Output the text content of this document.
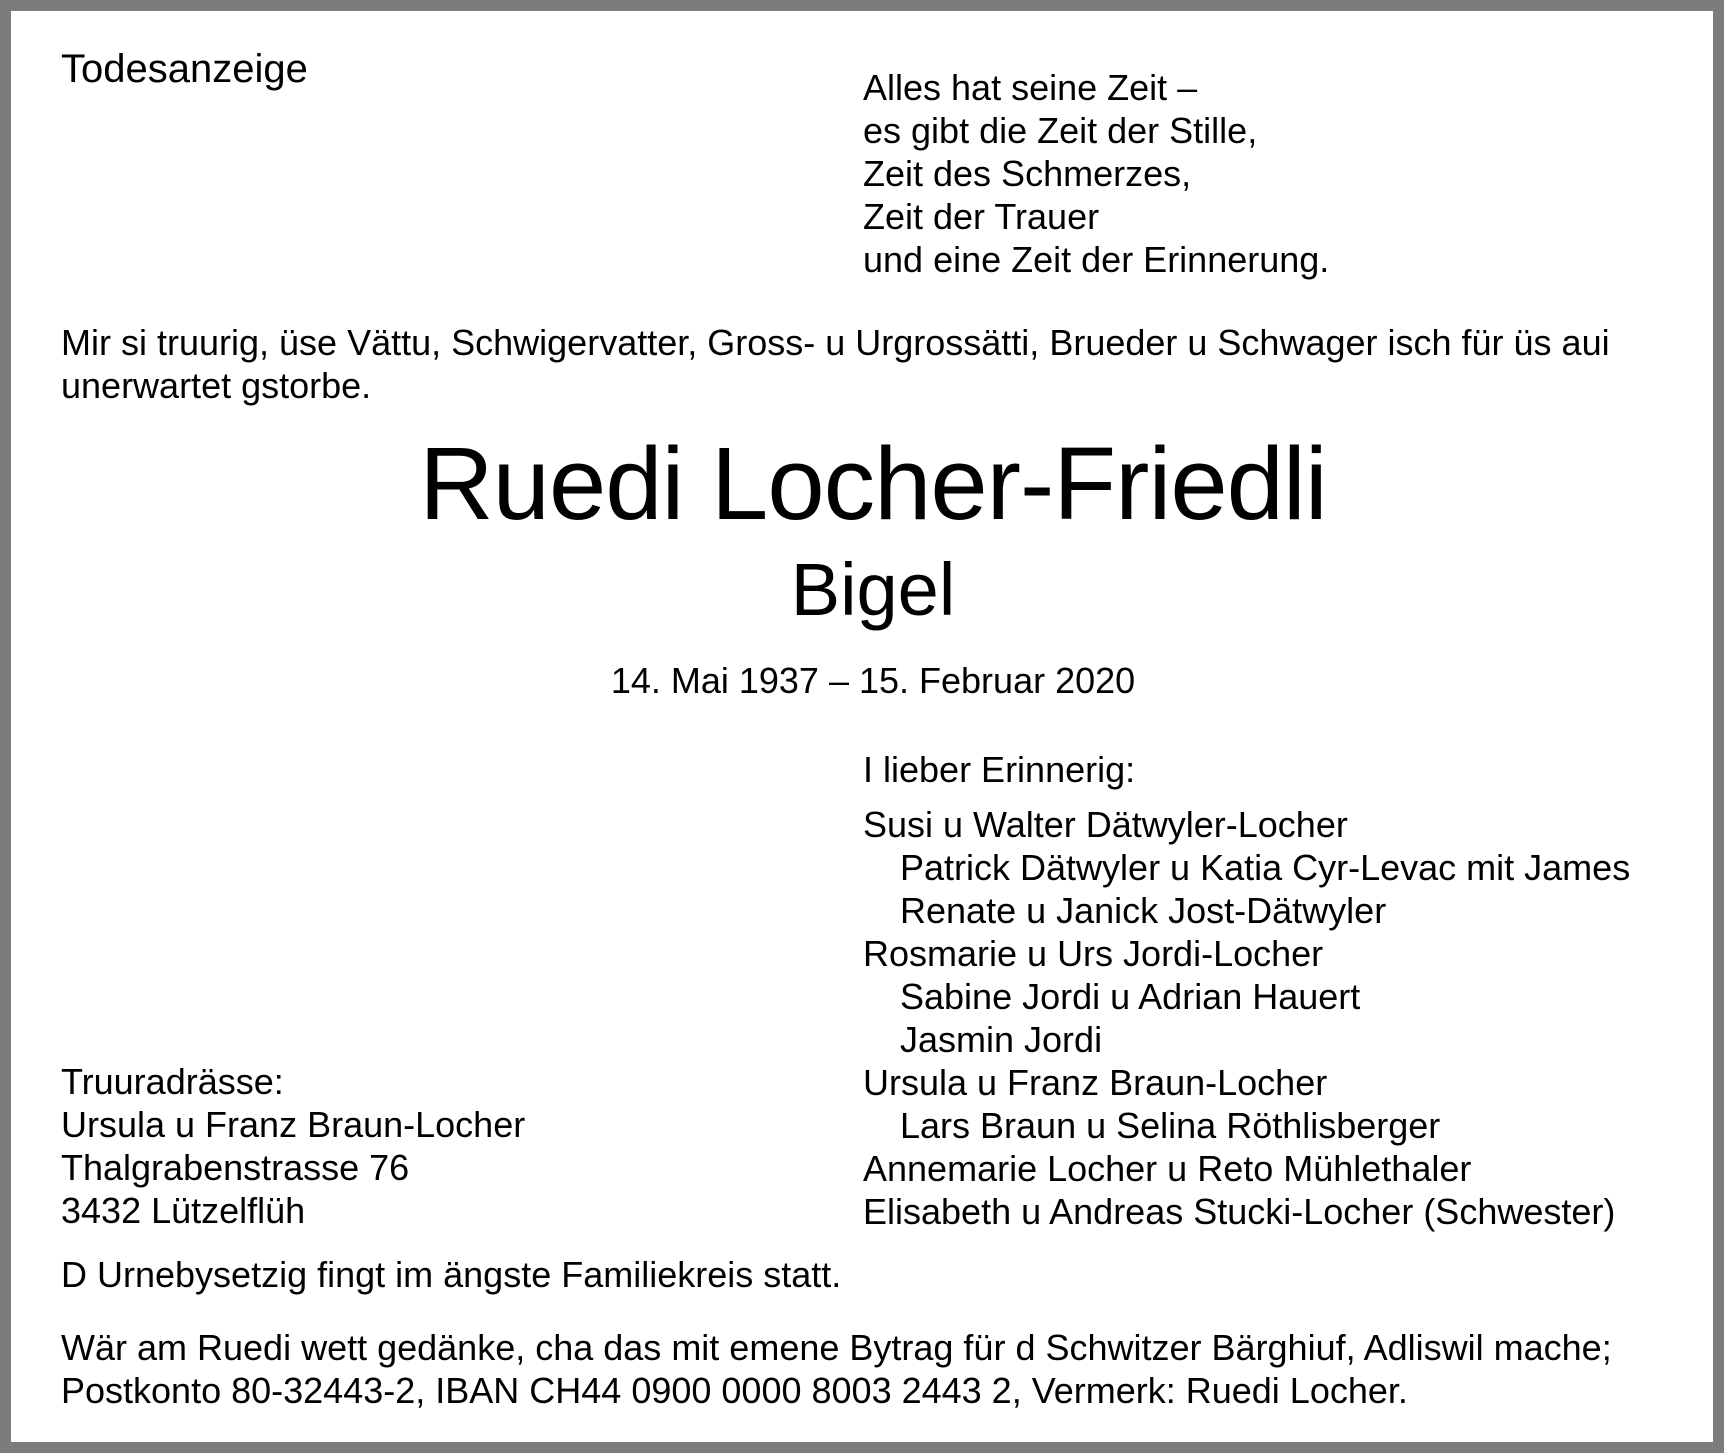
Todesanzeige	Alles hat seine Zeit –
es gibt die Zeit der Stille,
Zeit des Schmerzes,
Zeit der Trauer
und eine Zeit der Erinnerung.

Mir si truurig, üse Vättu, Schwigervatter, Gross- u Urgrossätti, Brueder u Schwager isch für üs aui unerwartet gstorbe.

Ruedi Locher-Friedli

Bigel

14. Mai 1937 – 15. Februar 2020

I lieber Erinnerig:

Susi u Walter Dätwyler-Locher
Patrick Dätwyler u Katia Cyr-Levac mit James
Renate u Janick Jost-Dätwyler
Rosmarie u Urs Jordi-Locher
Sabine Jordi u Adrian Hauert
Jasmin Jordi
Ursula u Franz Braun-Locher
Lars Braun u Selina Röthlisberger
Annemarie Locher u Reto Mühlethaler
Elisabeth u Andreas Stucki-Locher (Schwester)
Truuradrässe:
Ursula u Franz Braun-Locher
Thalgrabenstrasse 76
3432 Lützelflüh

D Urnebysetzig fingt im ängste Familiekreis statt.

Wär am Ruedi wett gedänke, cha das mit emene Bytrag für d Schwitzer Bärghiuf, Adliswil mache;
Postkonto 80-32443-2, IBAN CH44 0900 0000 8003 2443 2, Vermerk: Ruedi Locher.
